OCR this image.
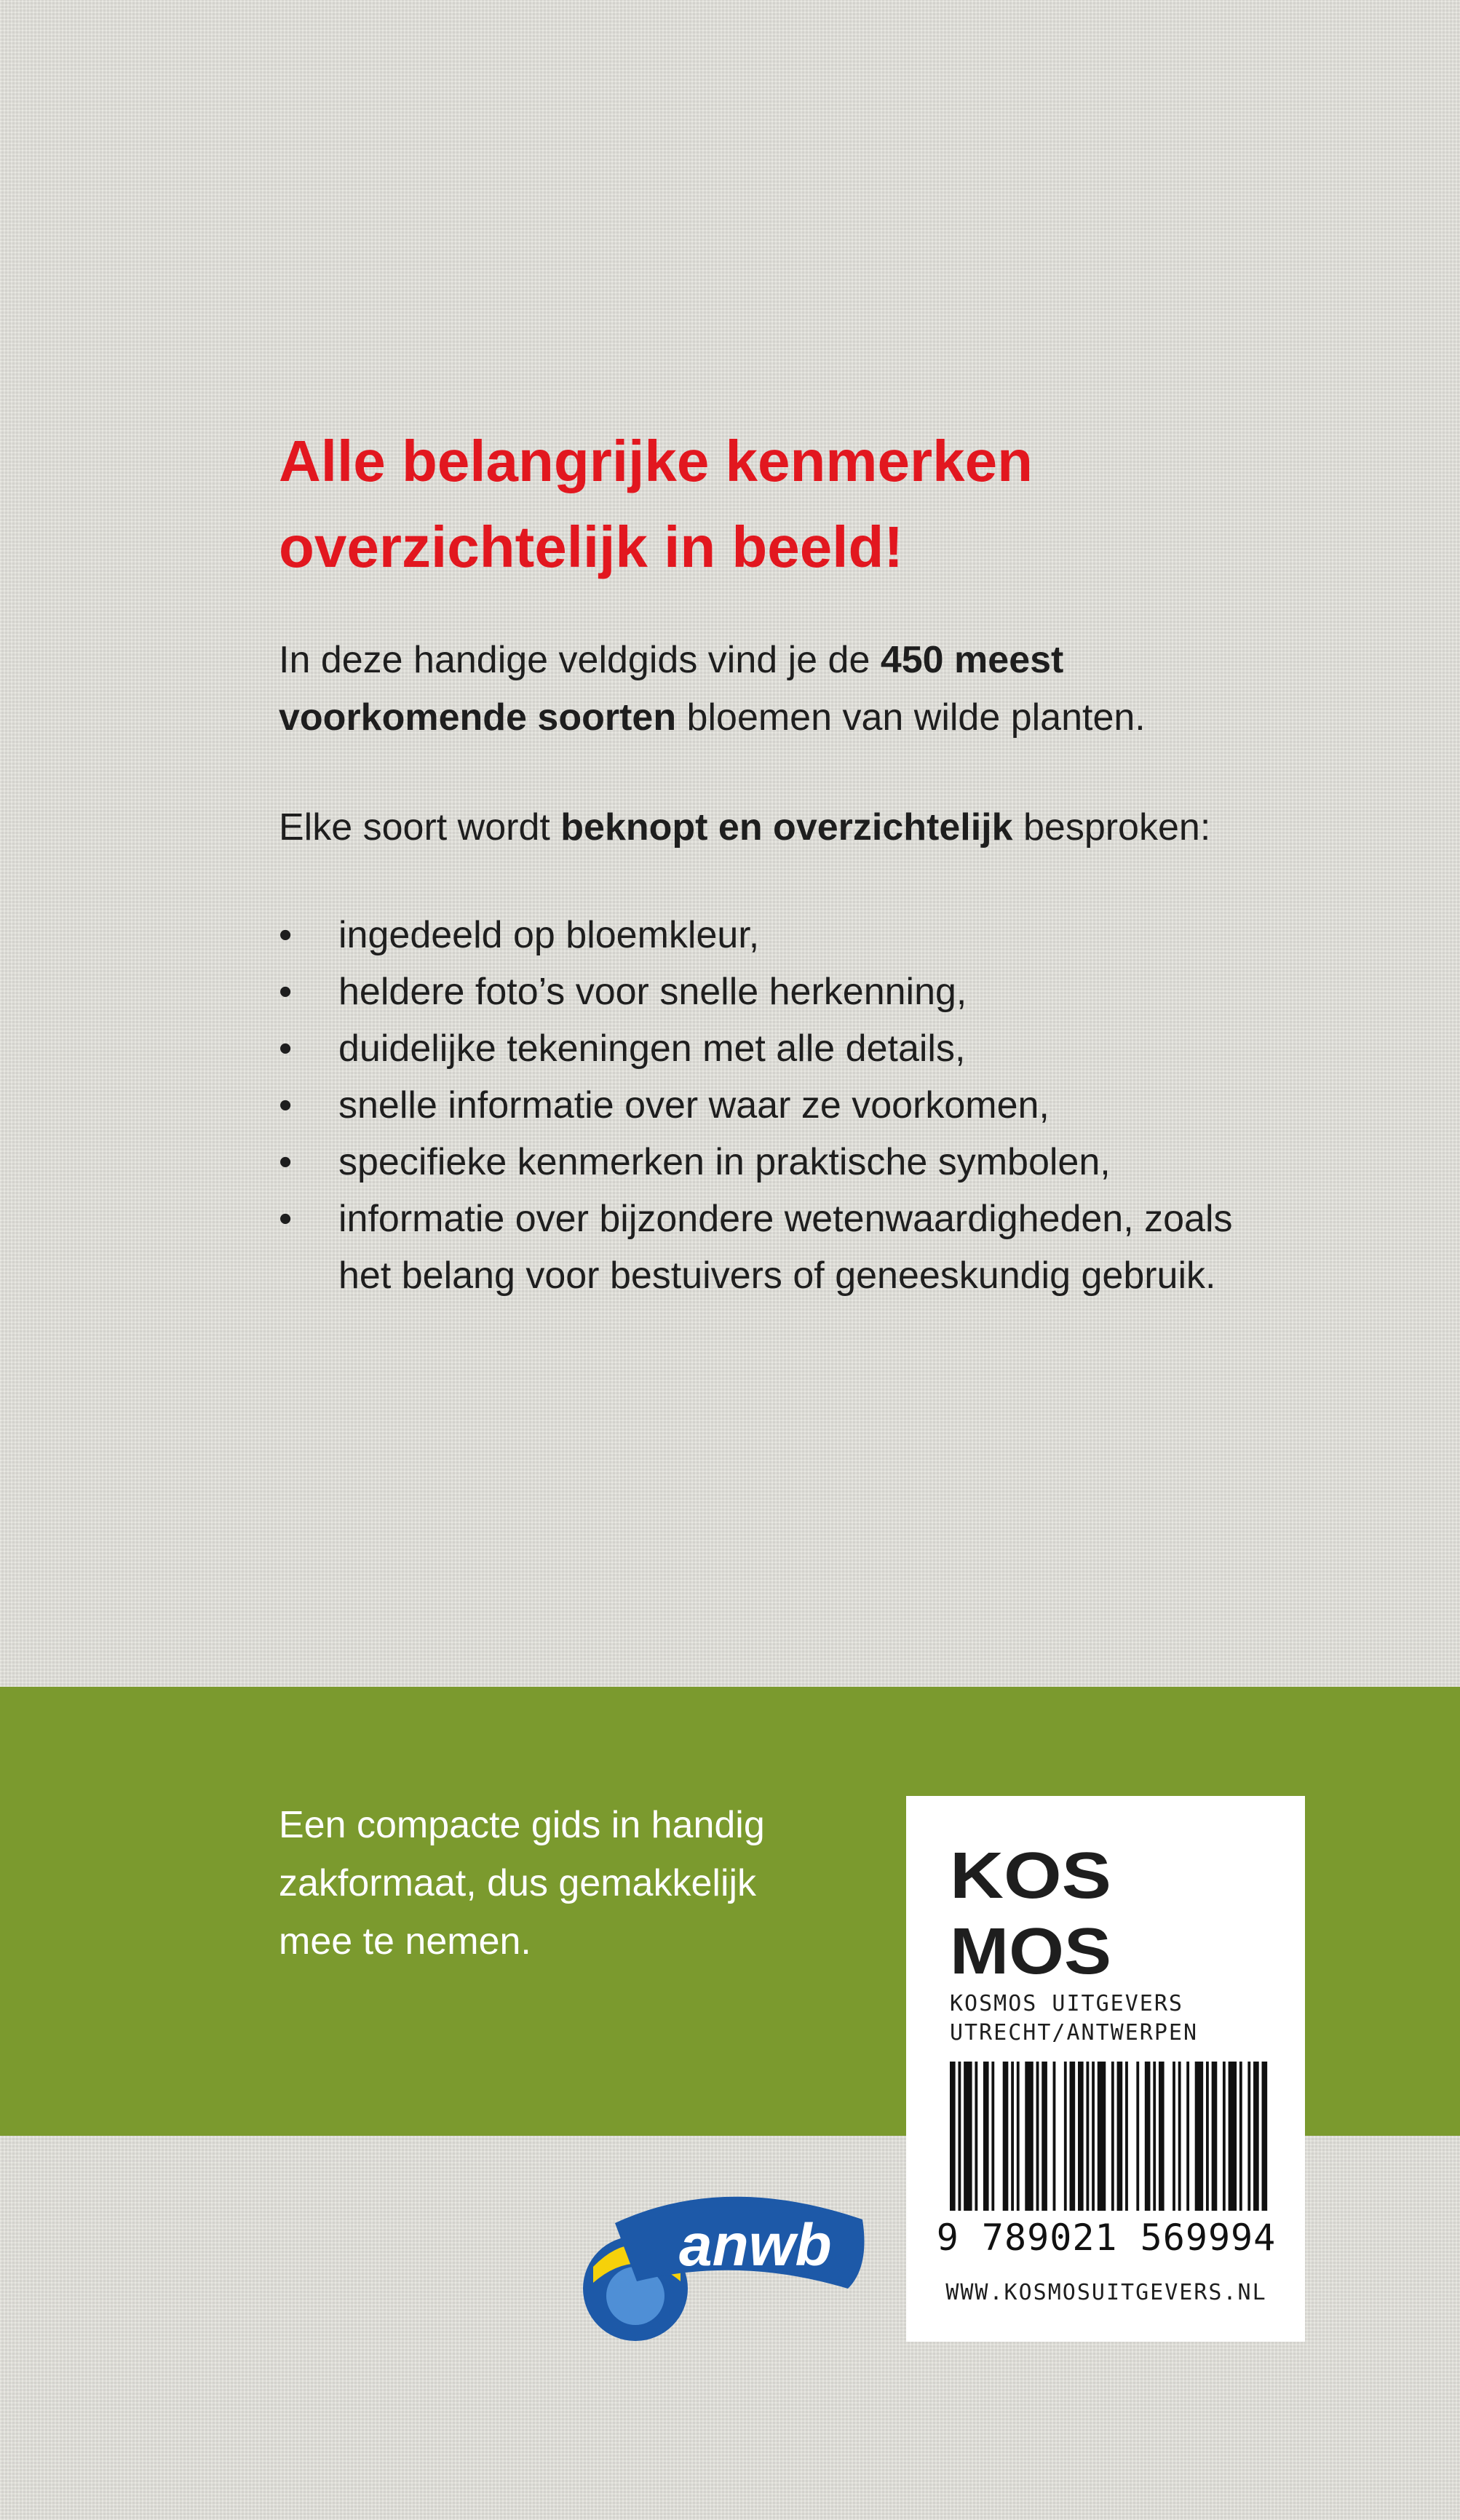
Alle belangrijke kenmerken
overzichtelijk in beeld!

In deze handige veldgids vind je de 450 meest
voorkomende soorten bloemen van wilde planten.

Elke soort wordt beknopt en overzichtelijk besproken:

• ingedeeld op bloemkleur,
• heldere foto’s voor snelle herkenning,
• duidelijke tekeningen met alle details,
• snelle informatie over waar ze voorkomen,
• specifieke kenmerken in praktische symbolen,
• informatie over bijzondere wetenwaardigheden, zoals het belang voor bestuivers of geneeskundig gebruik.

Een compacte gids in handig
zakformaat, dus gemakkelijk
mee te nemen.

KOS
MOS
KOSMOS UITGEVERS
UTRECHT/ANTWERPEN
9 789021 569994
WWW.KOSMOSUITGEVERS.NL
anwb
